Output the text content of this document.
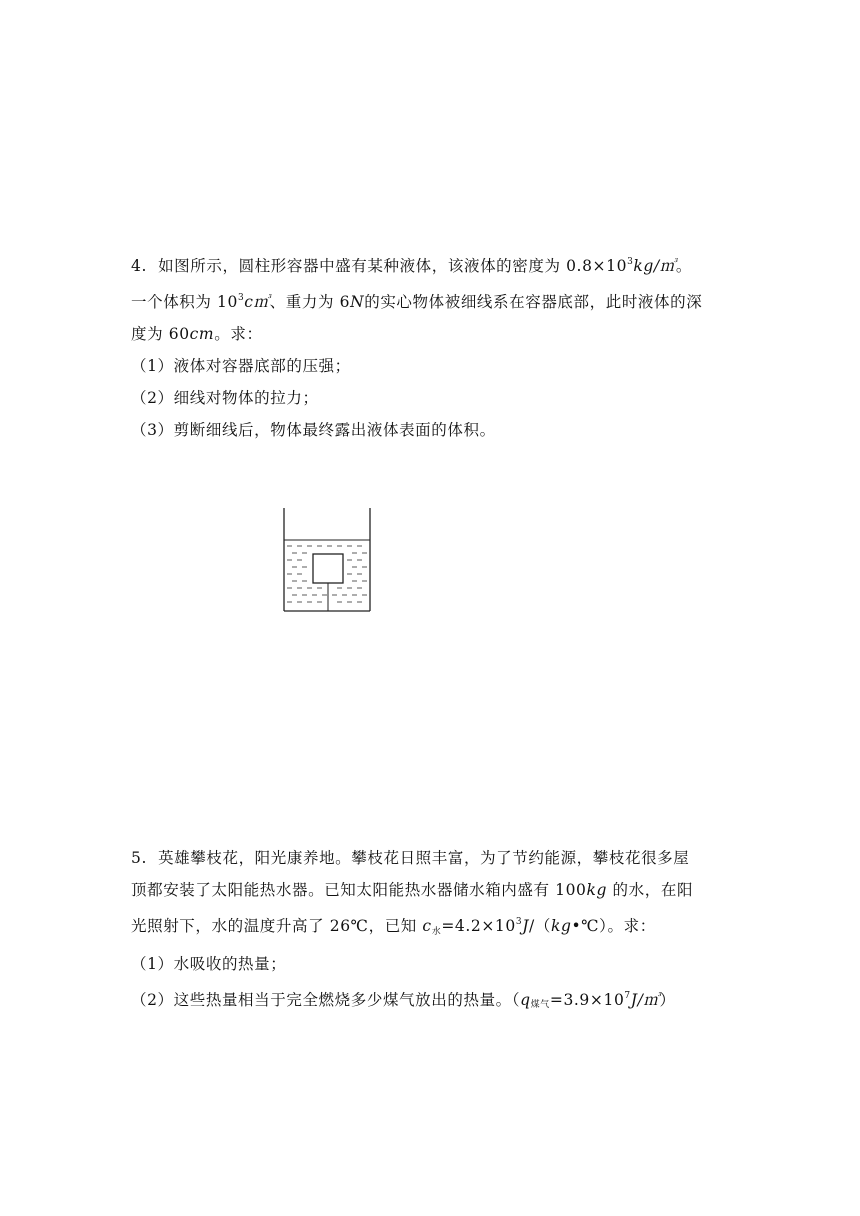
4. 如图所示，圆柱形容器中盛有某种液体，该液体的密度为 $0.8\times 10^3kg/㎥$。
一个体积为 $10^3c㎥$、重力为 6N的实心物体被细线系在容器底部，此时液体的深
度为 60cm。求：
（1）液体对容器底部的压强；
（2）细线对物体的拉力；
（3）剪断细线后，物体最终露出液体表面的体积。
5. 英雄攀枝花，阳光康养地。攀枝花日照丰富，为了节约能源，攀枝花很多屋
顶都安装了太阳能热水器。已知太阳能热水器储水箱内盛有 100kg 的水，在阳
光照射下，水的温度升高了 26℃，已知 $c_水=4.2\times 10^3J/(kg•℃)$。求：
（1）水吸收的热量；
（2）这些热量相当于完全燃烧多少煤气放出的热量。（q煤气$=3.9\times 10^7J/㎥$）
